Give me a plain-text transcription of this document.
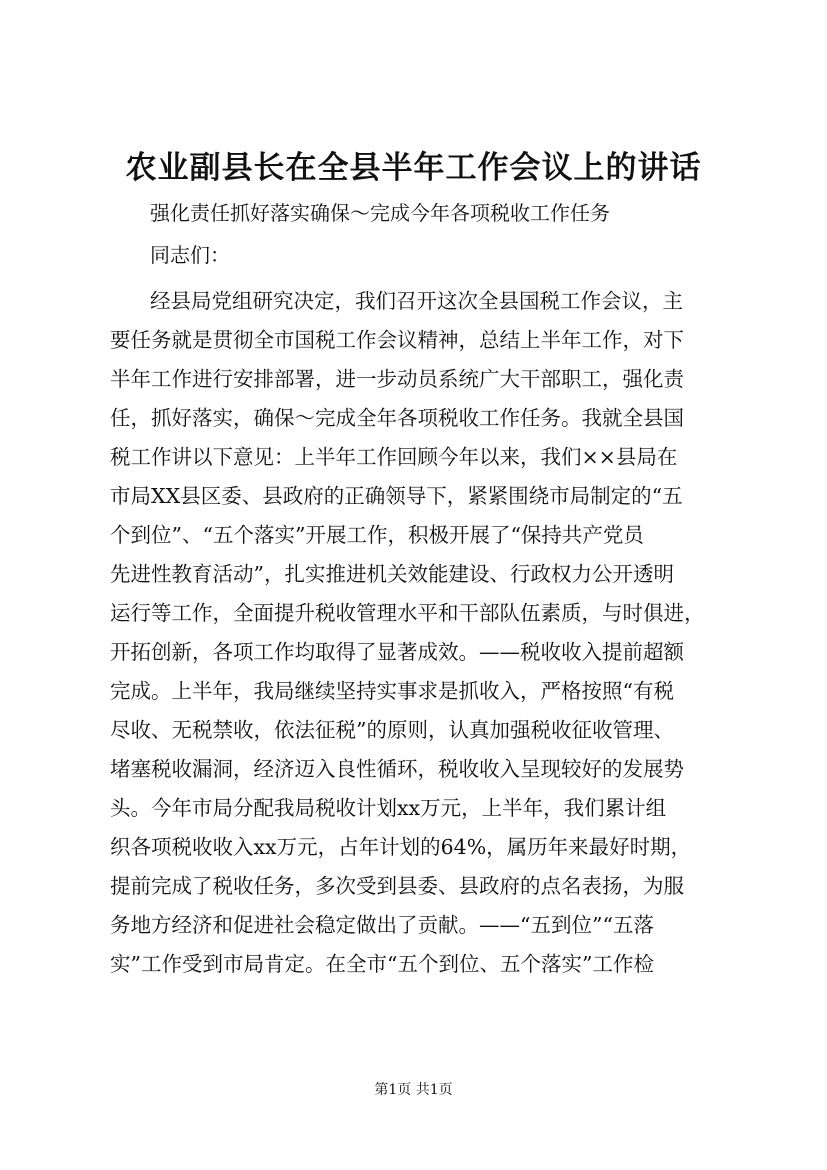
农业副县长在全县半年工作会议上的讲话
强化责任抓好落实确保～完成今年各项税收工作任务
同志们：
经县局党组研究决定，我们召开这次全县国税工作会议，主
要任务就是贯彻全市国税工作会议精神，总结上半年工作，对下
半年工作进行安排部署，进一步动员系统广大干部职工，强化责
任，抓好落实，确保～完成全年各项税收工作任务。我就全县国
税工作讲以下意见：上半年工作回顾今年以来，我们××县局在
市局XX县区委、县政府的正确领导下，紧紧围绕市局制定的“五
个到位”、“五个落实”开展工作，积极开展了“保持共产党员
先进性教育活动”，扎实推进机关效能建设、行政权力公开透明
运行等工作，全面提升税收管理水平和干部队伍素质，与时俱进，
开拓创新，各项工作均取得了显著成效。——税收收入提前超额
完成。上半年，我局继续坚持实事求是抓收入，严格按照“有税
尽收、无税禁收，依法征税”的原则，认真加强税收征收管理、
堵塞税收漏洞，经济迈入良性循环，税收收入呈现较好的发展势
头。今年市局分配我局税收计划xx万元，上半年，我们累计组
织各项税收收入xx万元，占年计划的64%，属历年来最好时期，
提前完成了税收任务，多次受到县委、县政府的点名表扬，为服
务地方经济和促进社会稳定做出了贡献。——“五到位”“五落
实”工作受到市局肯定。在全市“五个到位、五个落实”工作检
第1页 共1页
